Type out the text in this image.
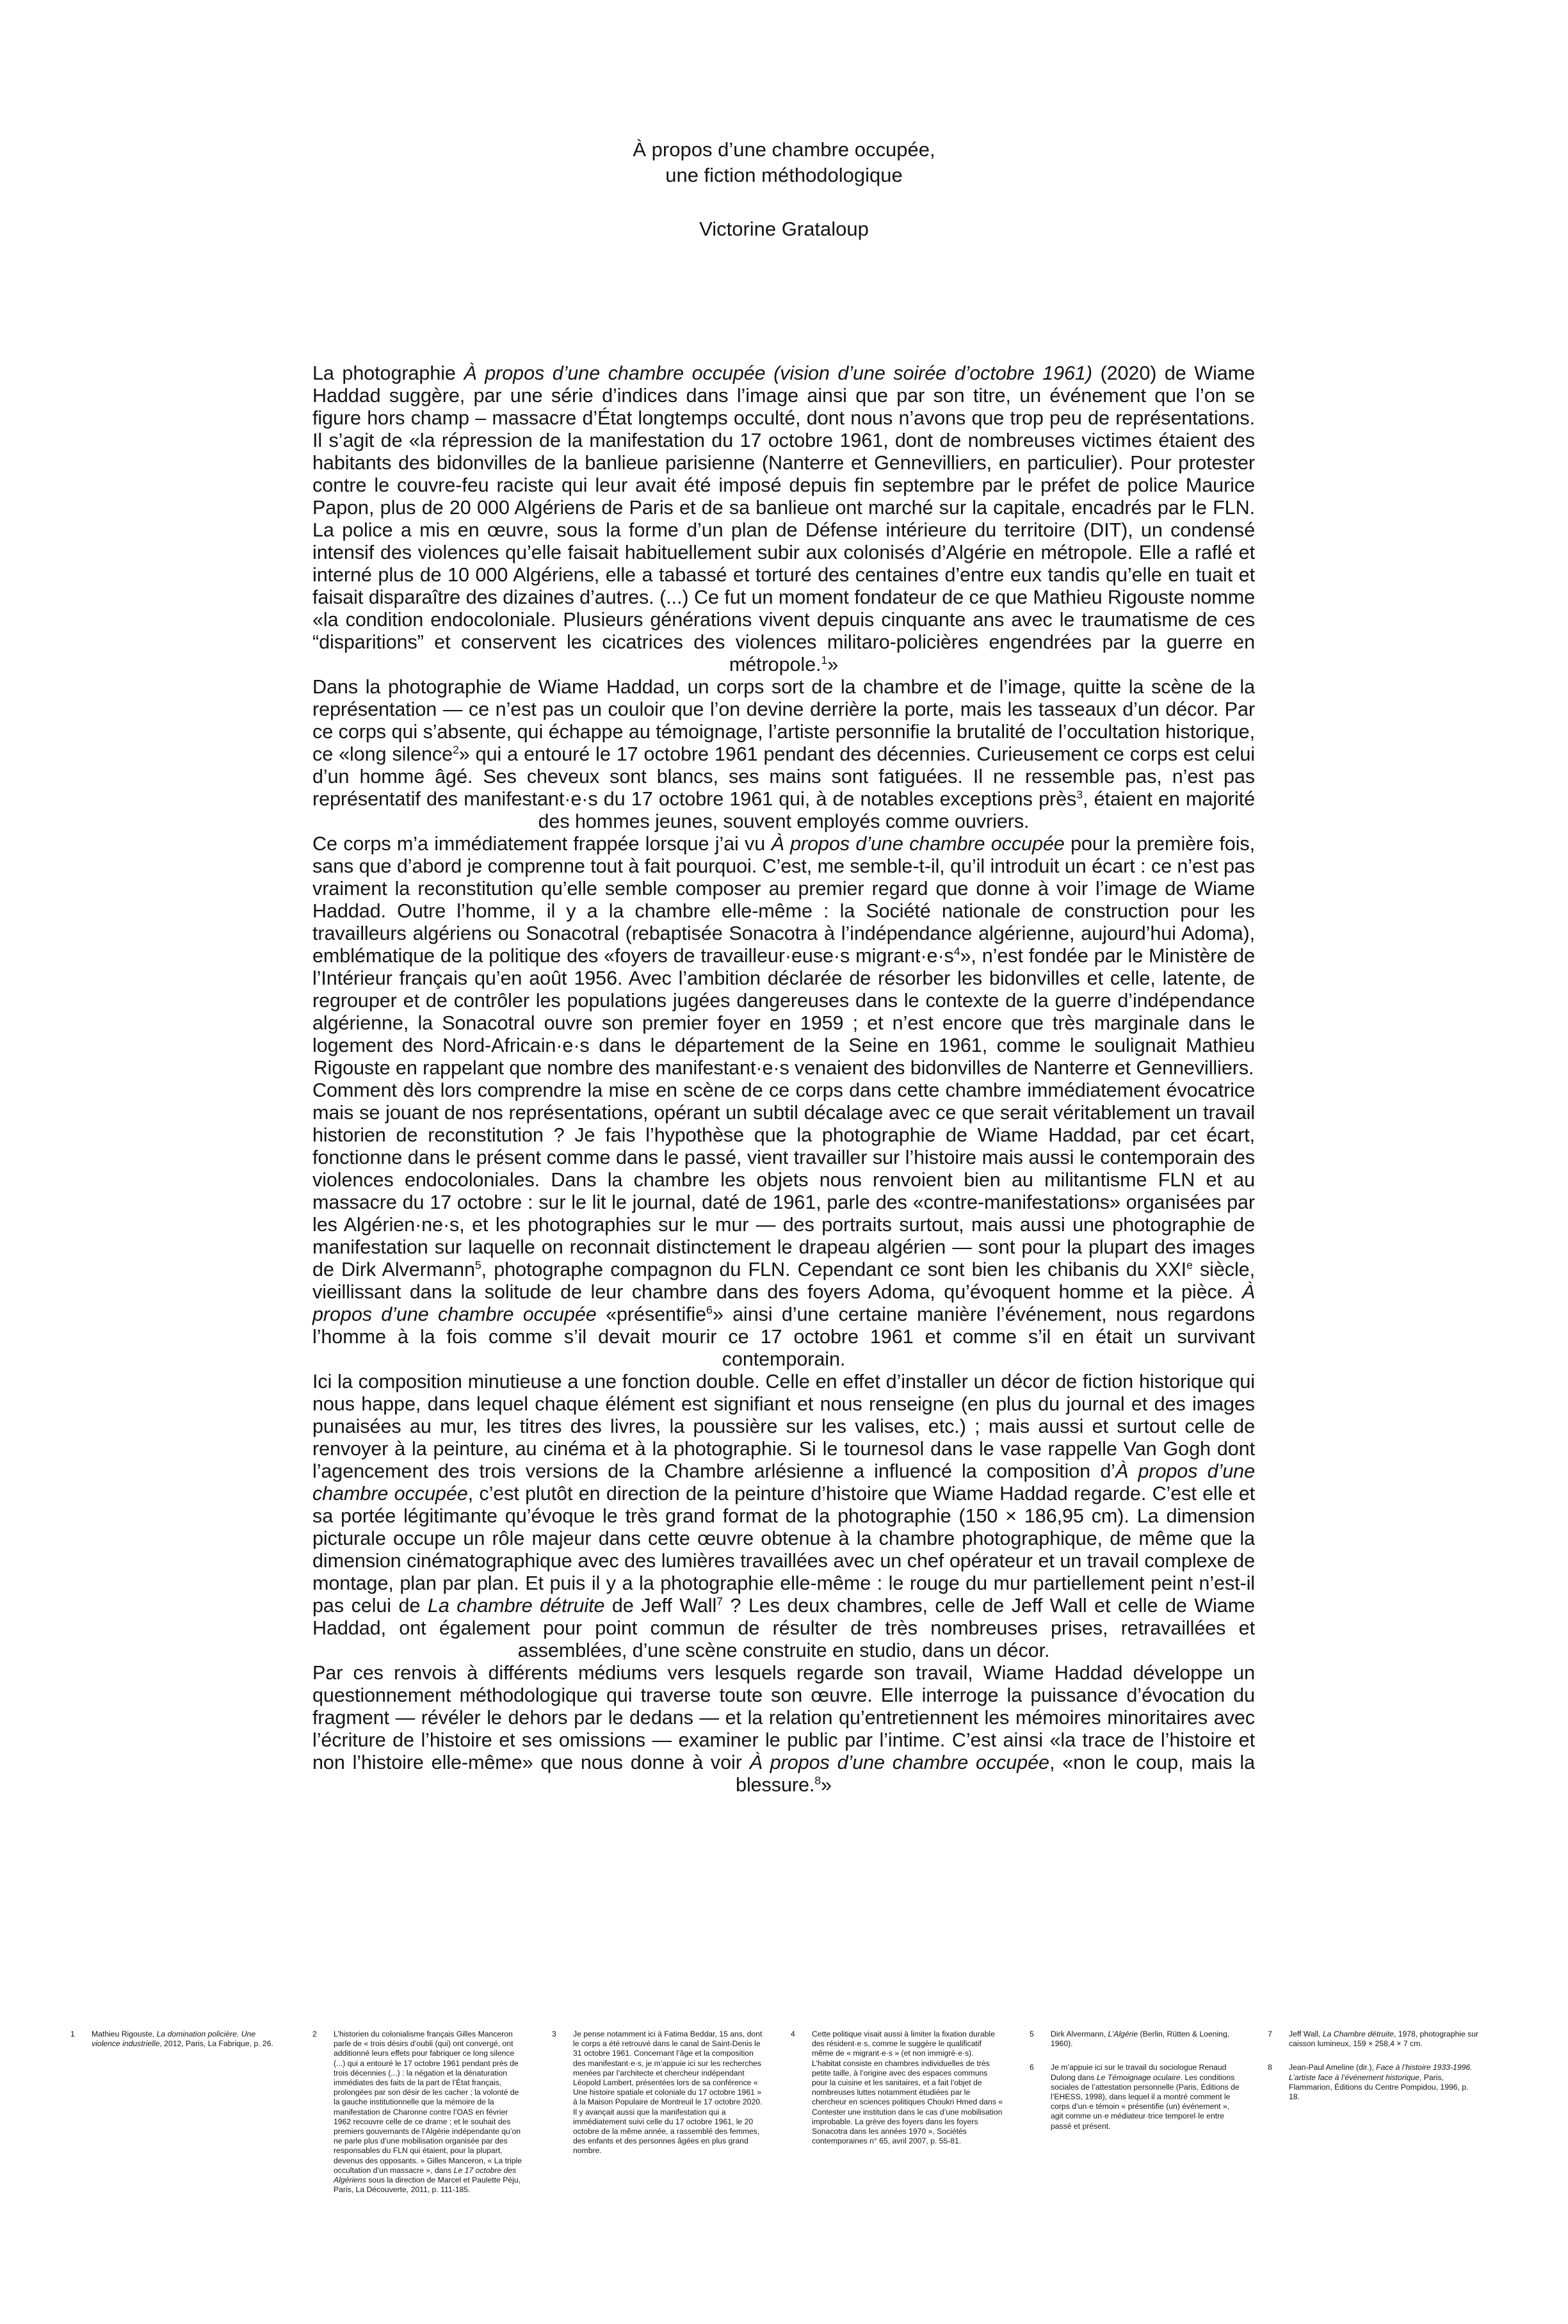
À propos d’une chambre occupée,
une fiction méthodologique
Victorine Grataloup

La photographie À propos d’une chambre occupée (vision d’une soirée d’octobre 1961) (2020) de Wiame Haddad suggère, par une série d’indices dans l’image ainsi que par son titre, un événement que l’on se figure hors champ – massacre d’État longtemps occulté, dont nous n’avons que trop peu de représentations. Il s’agit de «la répression de la manifestation du 17 octobre 1961, dont de nombreuses victimes étaient des habitants des bidonvilles de la banlieue parisienne (Nanterre et Gennevilliers, en particulier). Pour protester contre le couvre-feu raciste qui leur avait été imposé depuis fin septembre par le préfet de police Maurice Papon, plus de 20 000 Algériens de Paris et de sa banlieue ont marché sur la capitale, encadrés par le FLN. La police a mis en œuvre, sous la forme d’un plan de Défense intérieure du territoire (DIT), un condensé intensif des violences qu’elle faisait habituellement subir aux colonisés d’Algérie en métropole. Elle a raflé et interné plus de 10 000 Algériens, elle a tabassé et torturé des centaines d’entre eux tandis qu’elle en tuait et faisait disparaître des dizaines d’autres. (...) Ce fut un moment fondateur de ce que Mathieu Rigouste nomme «la condition endocoloniale. Plusieurs générations vivent depuis cinquante ans avec le traumatisme de ces “disparitions” et conservent les cicatrices des violences militaro-policières engendrées par la guerre en métropole.$^1$»

Dans la photographie de Wiame Haddad, un corps sort de la chambre et de l’image, quitte la scène de la représentation — ce n’est pas un couloir que l’on devine derrière la porte, mais les tasseaux d’un décor. Par ce corps qui s’absente, qui échappe au témoignage, l’artiste personnifie la brutalité de l’occultation historique, ce «long silence$^2$» qui a entouré le 17 octobre 1961 pendant des décennies. Curieusement ce corps est celui d’un homme âgé. Ses cheveux sont blancs, ses mains sont fatiguées. Il ne ressemble pas, n’est pas représentatif des manifestant·e·s du 17 octobre 1961 qui, à de notables exceptions près$^3$, étaient en majorité des hommes jeunes, souvent employés comme ouvriers.

Ce corps m’a immédiatement frappée lorsque j’ai vu À propos d’une chambre occupée pour la première fois, sans que d’abord je comprenne tout à fait pourquoi. C’est, me semble-t-il, qu’il introduit un écart : ce n’est pas vraiment la reconstitution qu’elle semble composer au premier regard que donne à voir l’image de Wiame Haddad. Outre l’homme, il y a la chambre elle-même : la Société nationale de construction pour les travailleurs algériens ou Sonacotral (rebaptisée Sonacotra à l’indépendance algérienne, aujourd’hui Adoma), emblématique de la politique des «foyers de travailleur·euse·s $migrant\cdot e\cdot s^4$», n’est fondée par le Ministère de l’Intérieur français qu’en août 1956. Avec l’ambition déclarée de résorber les bidonvilles et celle, latente, de regrouper et de contrôler les populations jugées dangereuses dans le contexte de la guerre d’indépendance algérienne, la Sonacotral ouvre son premier foyer en 1959 ; et n’est encore que très marginale dans le logement des Nord-Africain·e·s dans le département de la Seine en 1961, comme le soulignait Mathieu Rigouste en rappelant que nombre des manifestant·e·s venaient des bidonvilles de Nanterre et Gennevilliers.

Comment dès lors comprendre la mise en scène de ce corps dans cette chambre immédiatement évocatrice mais se jouant de nos représentations, opérant un subtil décalage avec ce que serait véritablement un travail historien de reconstitution ? Je fais l’hypothèse que la photographie de Wiame Haddad, par cet écart, fonctionne dans le présent comme dans le passé, vient travailler sur l’histoire mais aussi le contemporain des violences endocoloniales. Dans la chambre les objets nous renvoient bien au militantisme FLN et au massacre du 17 octobre : sur le lit le journal, daté de 1961, parle des «contre-manifestations» organisées par les Algérien·ne·s, et les photographies sur le mur — des portraits surtout, mais aussi une photographie de manifestation sur laquelle on reconnait distinctement le drapeau algérien — sont pour la plupart des images de Dirk Alvermann$^5$, photographe compagnon du FLN. Cependant ce sont bien les chibanis du XXIe siècle, vieillissant dans la solitude de leur chambre dans des foyers Adoma, qu’évoquent homme et la pièce. À propos d’une chambre occupée «présentifie$^6$» ainsi d’une certaine manière l’événement, nous regardons l’homme à la fois comme s’il devait mourir ce 17 octobre 1961 et comme s’il en était un survivant contemporain.

Ici la composition minutieuse a une fonction double. Celle en effet d’installer un décor de fiction historique qui nous happe, dans lequel chaque élément est signifiant et nous renseigne (en plus du journal et des images punaisées au mur, les titres des livres, la poussière sur les valises, etc.) ; mais aussi et surtout celle de renvoyer à la peinture, au cinéma et à la photographie. Si le tournesol dans le vase rappelle Van Gogh dont l’agencement des trois versions de la Chambre arlésienne a influencé la composition d’À propos d’une chambre occupée, c’est plutôt en direction de la peinture d’histoire que Wiame Haddad regarde. C’est elle et sa portée légitimante qu’évoque le très grand format de la photographie (150 × 186,95 cm). La dimension picturale occupe un rôle majeur dans cette œuvre obtenue à la chambre photographique, de même que la dimension cinématographique avec des lumières travaillées avec un chef opérateur et un travail complexe de montage, plan par plan. Et puis il y a la photographie elle-même : le rouge du mur partiellement peint n’est-il pas celui de La chambre détruite de Jeff Wall$^7$ ? Les deux chambres, celle de Jeff Wall et celle de Wiame Haddad, ont également pour point commun de résulter de très nombreuses prises, retravaillées et assemblées, d’une scène construite en studio, dans un décor.

Par ces renvois à différents médiums vers lesquels regarde son travail, Wiame Haddad développe un questionnement méthodologique qui traverse toute son œuvre. Elle interroge la puissance d’évocation du fragment — révéler le dehors par le dedans — et la relation qu’entretiennent les mémoires minoritaires avec l’écriture de l’histoire et ses omissions — examiner le public par l’intime. C’est ainsi «la trace de l’histoire et non l’histoire elle-même» que nous donne à voir À propos d’une chambre occupée, «non le coup, mais la blessure.$^8$»

1 Mathieu Rigouste, La domination policière. Une violence industrielle, 2012, Paris, La Fabrique, p. 26.

2 L’historien du colonialisme français Gilles Manceron parle de « trois désirs d’oubli (qui) ont convergé, ont additionné leurs effets pour fabriquer ce long silence (...) qui a entouré le 17 octobre 1961 pendant près de trois décennies (...) : la négation et la dénaturation immédiates des faits de la part de l’État français, prolongées par son désir de les cacher ; la volonté de la gauche institutionnelle que la mémoire de la manifestation de Charonne contre l’OAS en février 1962 recouvre celle de ce drame ; et le souhait des premiers gouvernants de l’Algérie indépendante qu’on ne parle plus d’une mobilisation organisée par des responsables du FLN qui étaient, pour la plupart, devenus des opposants. » Gilles Manceron, « La triple occultation d’un massacre », dans Le 17 octobre des Algériens sous la direction de Marcel et Paulette Péju, Paris, La Découverte, 2011, p. 111-185.

3 Je pense notamment ici à Fatima Beddar, 15 ans, dont le corps a été retrouvé dans le canal de Saint-Denis le 31 octobre 1961. Concernant l’âge et la composition des manifestant·e·s, je m’appuie ici sur les recherches menées par l’architecte et chercheur indépendant Léopold Lambert, présentées lors de sa conférence « Une histoire spatiale et coloniale du 17 octobre 1961 » à la Maison Populaire de Montreuil le 17 octobre 2020. Il y avançait aussi que la manifestation qui a immédiatement suivi celle du 17 octobre 1961, le 20 octobre de la même année, a rassemblé des femmes, des enfants et des personnes âgées en plus grand nombre.

4 Cette politique visait aussi à limiter la fixation durable des résident·e·s, comme le suggère le qualificatif même de « migrant·e·s » (et non immigré·e·s). L’habitat consiste en chambres individuelles de très petite taille, à l’origine avec des espaces communs pour la cuisine et les sanitaires, et a fait l’objet de nombreuses luttes notamment étudiées par le chercheur en sciences politiques Choukri Hmed dans « Contester une institution dans le cas d’une mobilisation improbable. La grève des foyers dans les foyers Sonacotra dans les années 1970 », Sociétés contemporaines n° 65, avril 2007, p. 55-81.

5 Dirk Alvermann, L’Algérie (Berlin, Rütten & Loening, 1960).

6 Je m’appuie ici sur le travail du sociologue Renaud Dulong dans Le Témoignage oculaire. Les conditions sociales de l’attestation personnelle (Paris, Éditions de l’EHESS, 1998), dans lequel il a montré comment le corps d’un·e témoin « présentifie (un) événement », agit comme un·e médiateur·trice temporel·le entre passé et présent.

7 Jeff Wall, La Chambre détruite, 1978, photographie sur caisson lumineux, 159 × 258,4 × 7 cm.

8 Jean-Paul Ameline (dir.), Face à l’histoire 1933-1996. L’artiste face à l’événement historique, Paris, Flammarion, Éditions du Centre Pompidou, 1996, p. 18.
